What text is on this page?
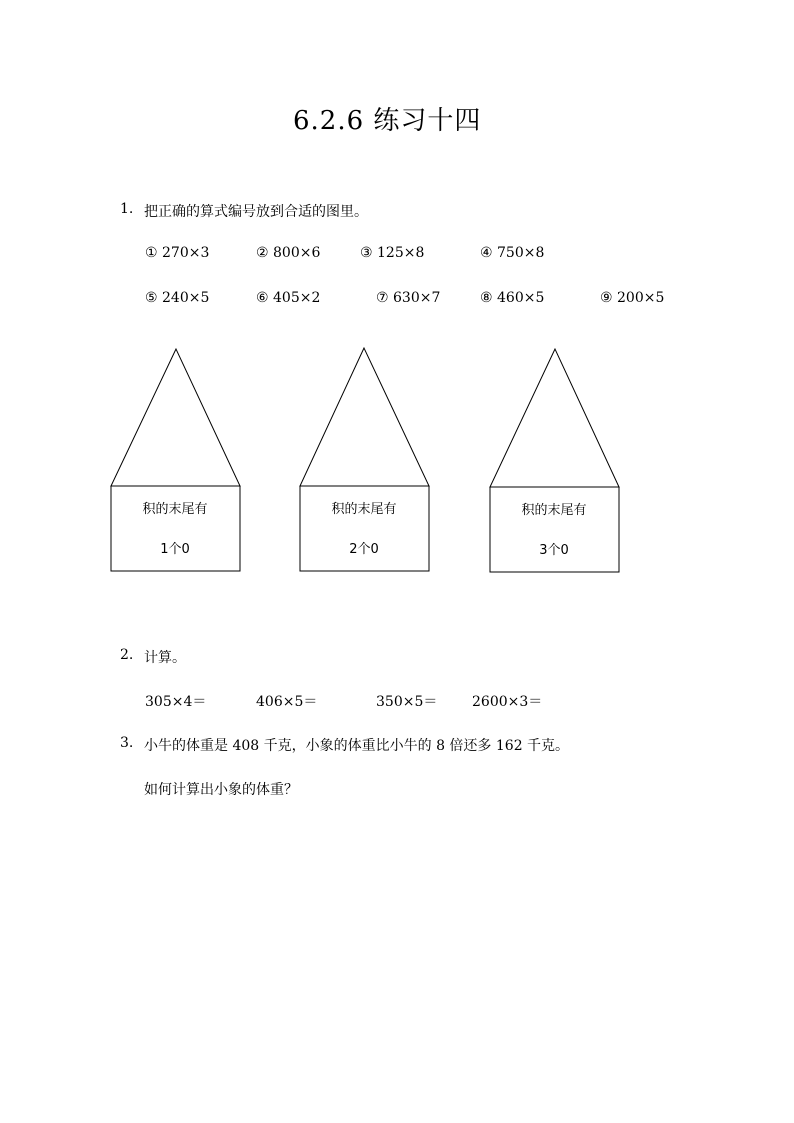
6.2.6 练习十四
1. 把正确的算式编号放到合适的图里。
① 270×3	② 800×6	③ 125×8	④ 750×8
⑤ 240×5	⑥ 405×2	⑦ 630×7	⑧ 460×5	⑨ 200×5
积的末尾有
1个0
积的末尾有
2个0
积的末尾有
3个0
2. 计算。
305×4＝	406×5＝	350×5＝ 2600×3＝
3. 小牛的体重是 408 千克，小象的体重比小牛的 8 倍还多 162 千克。
如何计算出小象的体重？
